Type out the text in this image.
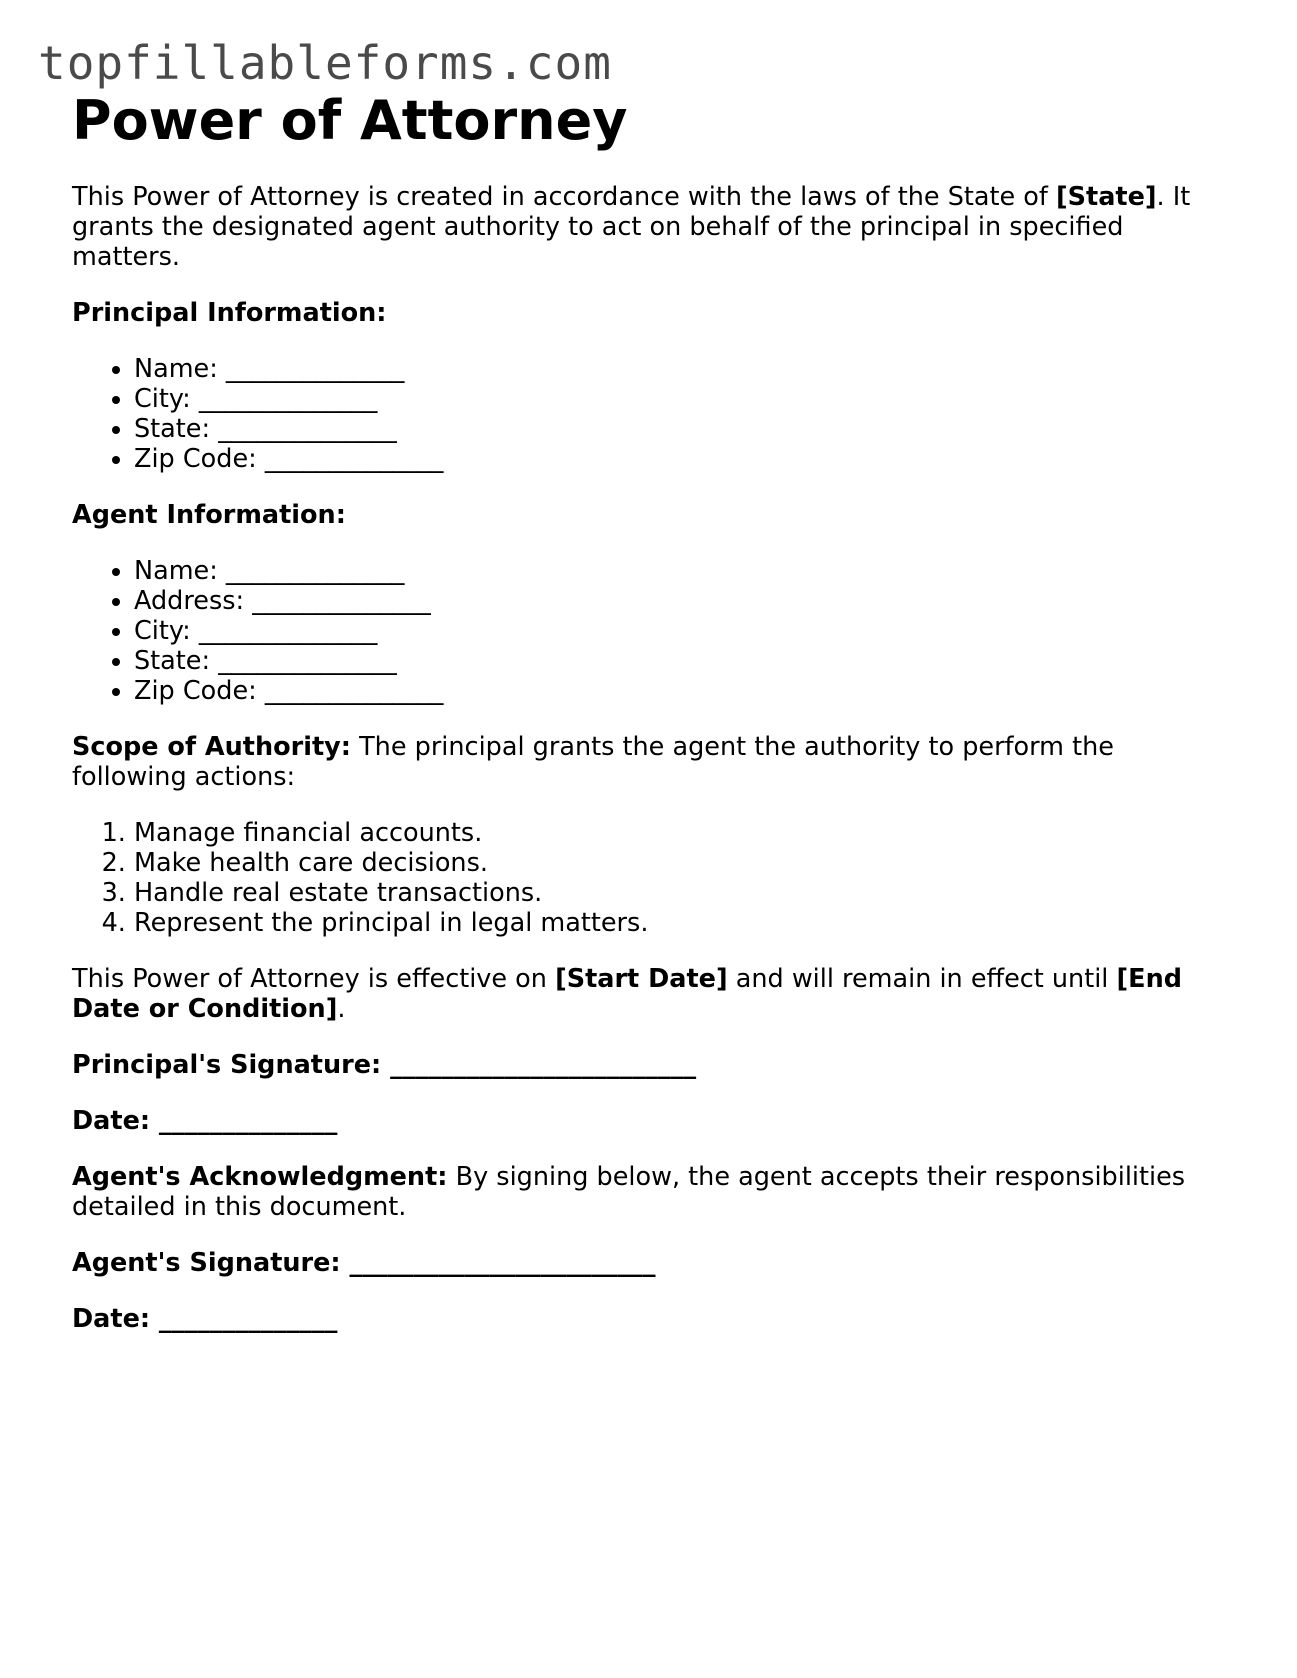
topfillableforms.com
Power of Attorney

This Power of Attorney is created in accordance with the laws of the State of [State]. It grants the designated agent authority to act on behalf of the principal in specified matters.

Principal Information:

• Name: ______________
• City: ______________
• State: ______________
• Zip Code: ______________

Agent Information:

• Name: ______________
• Address: ______________
• City: ______________
• State: ______________
• Zip Code: ______________

Scope of Authority: The principal grants the agent the authority to perform the following actions:

1. Manage financial accounts.
2. Make health care decisions.
3. Handle real estate transactions.
4. Represent the principal in legal matters.

This Power of Attorney is effective on [Start Date] and will remain in effect until [End Date or Condition].

Principal's Signature: ________________________

Date: ______________

Agent's Acknowledgment: By signing below, the agent accepts their responsibilities detailed in this document.

Agent's Signature: ________________________

Date: ______________
